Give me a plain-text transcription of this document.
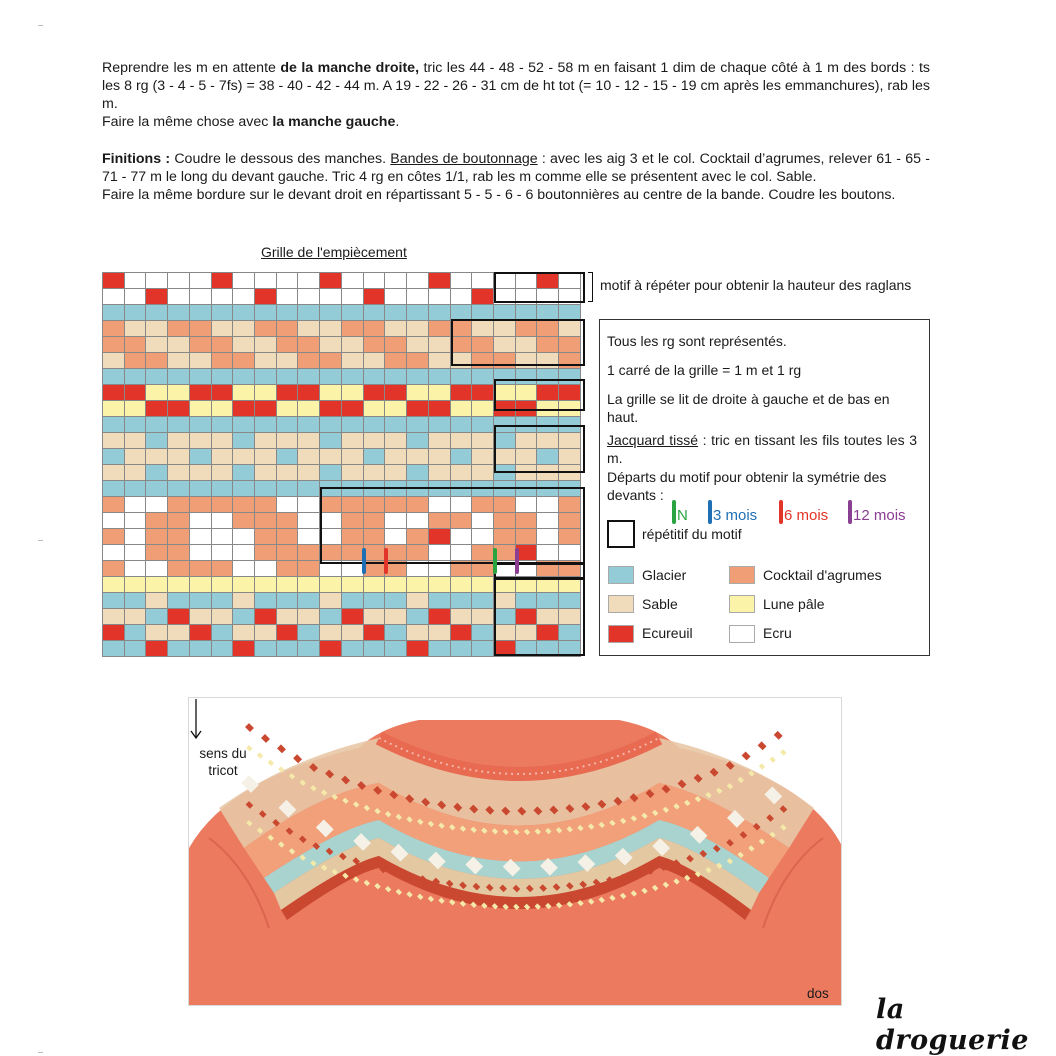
Reprendre les m en attente de la manche droite, tric les 44 - 48 - 52 - 58 m en faisant 1 dim de chaque côté à 1 m des bords : ts les 8 rg (3 - 4 - 5 - 7fs) = 38 - 40 - 42 - 44 m. A 19 - 22 - 26 - 31 cm de ht tot (= 10 - 12 - 15 - 19 cm après les emmanchures), rab les m.
Faire la même chose avec la manche gauche.
Finitions : Coudre le dessous des manches. Bandes de boutonnage : avec les aig 3 et le col. Cocktail d’agrumes, relever 61 - 65 - 71 - 77 m le long du devant gauche. Tric 4 rg en côtes 1/1, rab les m comme elle se présentent avec le col. Sable.
Faire la même bordure sur le devant droit en répartissant 5 - 5 - 6 - 6 boutonnières au centre de la bande. Coudre les boutons.
Grille de l'empiècement
motif à répéter pour obtenir la hauteur des raglans
Tous les rg sont représentés.
1 carré de la grille = 1 m et 1 rg
La grille se lit de droite à gauche et de bas en haut.
Jacquard tissé : tric en tissant les fils toutes les 3 m.
Départs du motif pour obtenir la symétrie des devants :
N	3 mois	6 mois	12 mois
répétitif du motif
Glacier	Cocktail d'agrumes
Sable	Lune pâle
Ecureuil	Ecru
sens du tricot
dos
la droguerie
